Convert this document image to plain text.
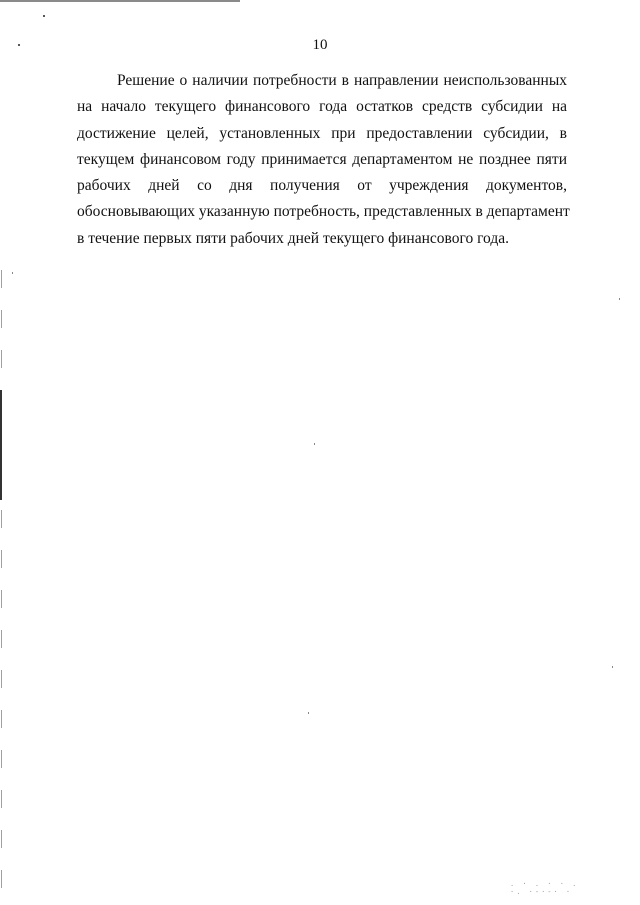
10
Решение о наличии потребности в направлении неиспользованных
на начало текущего финансового года остатков средств субсидии на
достижение целей, установленных при предоставлении субсидии, в
текущем финансовом году принимается департаментом не позднее пяти
рабочих дней со дня получения от учреждения документов,
обосновывающих указанную потребность, представленных в департамент
в течение первых пяти рабочих дней текущего финансового года.
. · . · · .
·. ·-·-· ·
